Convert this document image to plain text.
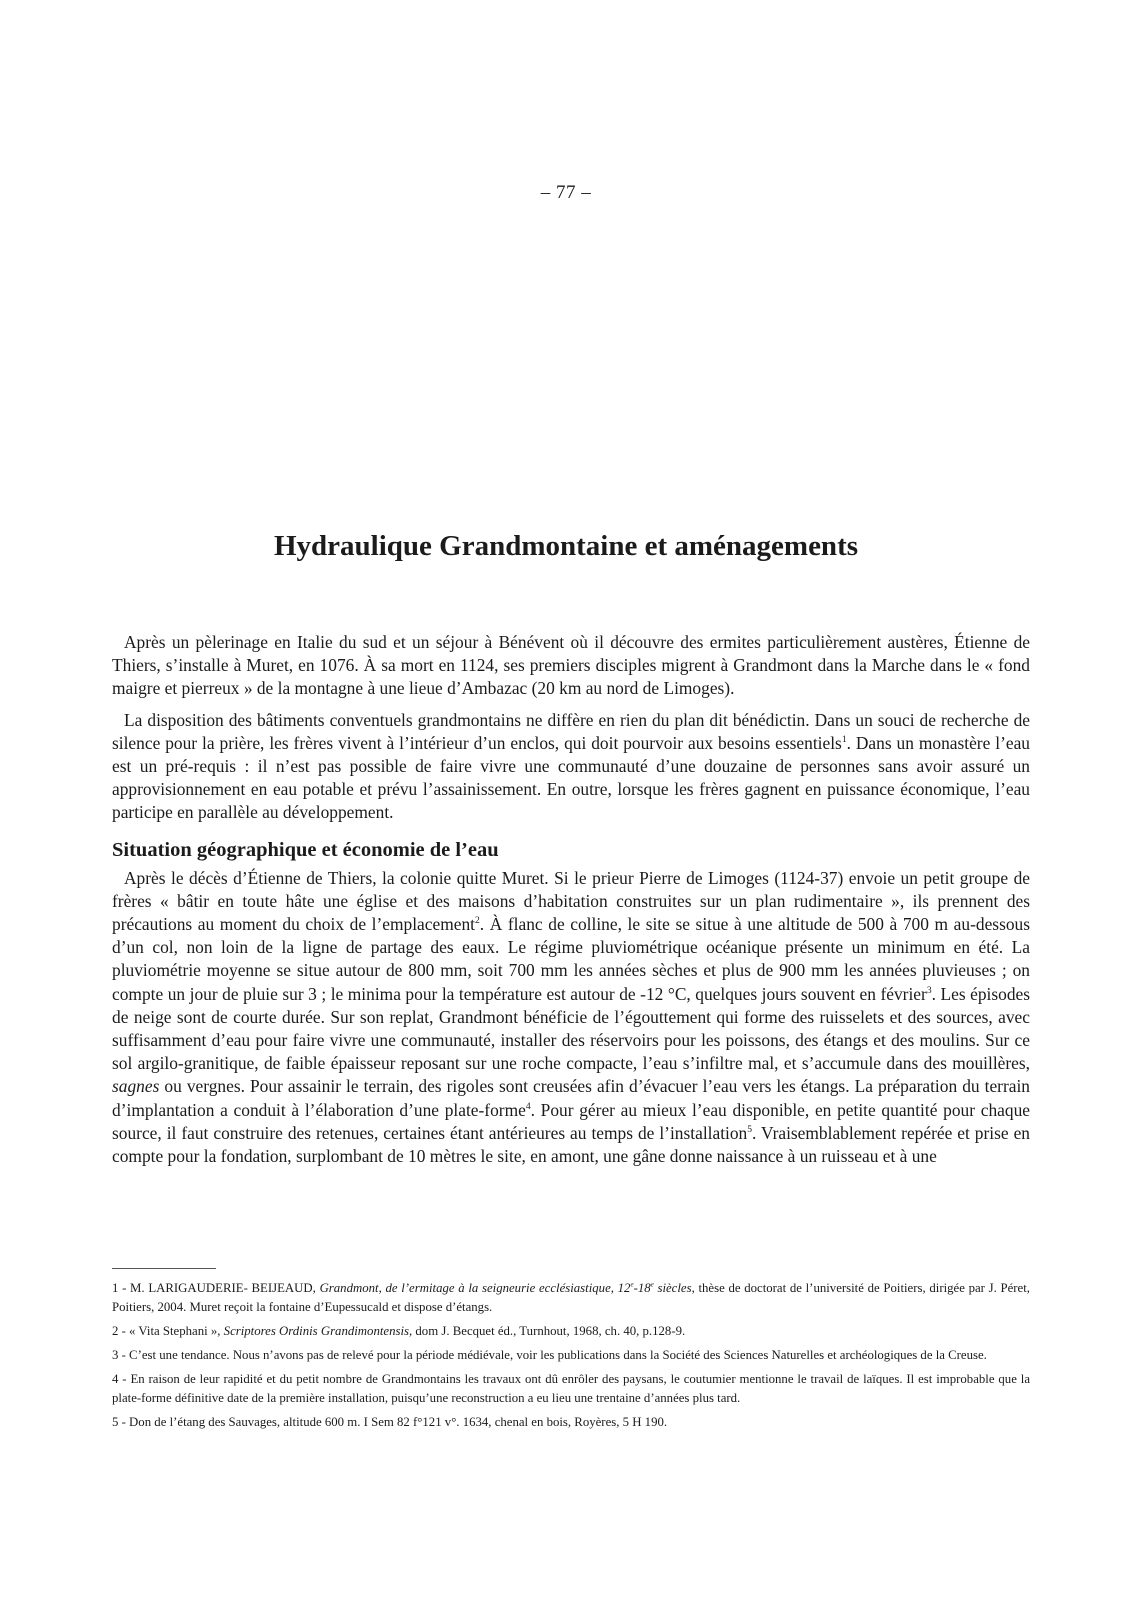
– 77 –
Hydraulique Grandmontaine et aménagements

Après un pèlerinage en Italie du sud et un séjour à Bénévent où il découvre des ermites particulièrement austères, Étienne de Thiers, s’installe à Muret, en 1076. À sa mort en 1124, ses premiers disciples migrent à Grandmont dans la Marche dans le « fond maigre et pierreux » de la montagne à une lieue d’Ambazac (20 km au nord de Limoges).

La disposition des bâtiments conventuels grandmontains ne diffère en rien du plan dit bénédictin. Dans un souci de recherche de silence pour la prière, les frères vivent à l’intérieur d’un enclos, qui doit pourvoir aux besoins essentiels$^1$. Dans un monastère l’eau est un pré-requis : il n’est pas possible de faire vivre une communauté d’une douzaine de personnes sans avoir assuré un approvisionnement en eau potable et prévu l’assainissement. En outre, lorsque les frères gagnent en puissance économique, l’eau participe en parallèle au développement.

Situation géographique et économie de l’eau

Après le décès d’Étienne de Thiers, la colonie quitte Muret. Si le prieur Pierre de Limoges (1124-37) envoie un petit groupe de frères « bâtir en toute hâte une église et des maisons d’habitation construites sur un plan rudimentaire », ils prennent des précautions au moment du choix de l’emplacement$^2$. À flanc de colline, le site se situe à une altitude de 500 à 700 m au-dessous d’un col, non loin de la ligne de partage des eaux. Le régime pluviométrique océanique présente un minimum en été. La pluviométrie moyenne se situe autour de 800 mm, soit 700 mm les années sèches et plus de 900 mm les années pluvieuses ; on compte un jour de pluie sur 3 ; le minima pour la température est autour de -12 °C, quelques jours souvent en février$^3$. Les épisodes de neige sont de courte durée. Sur son replat, Grandmont bénéficie de l’égouttement qui forme des ruisselets et des sources, avec suffisamment d’eau pour faire vivre une communauté, installer des réservoirs pour les poissons, des étangs et des moulins. Sur ce sol argilo-granitique, de faible épaisseur reposant sur une roche compacte, l’eau s’infiltre mal, et s’accumule dans des mouillères, sagnes ou vergnes. Pour assainir le terrain, des rigoles sont creusées afin d’évacuer l’eau vers les étangs. La préparation du terrain d’implantation a conduit à l’élaboration d’une plate-forme$^4$. Pour gérer au mieux l’eau disponible, en petite quantité pour chaque source, il faut construire des retenues, certaines étant antérieures au temps de l’installation$^5$. Vraisemblablement repérée et prise en compte pour la fondation, surplombant de 10 mètres le site, en amont, une gâne donne naissance à un ruisseau et à une

1 - M. LARIGAUDERIE- BEIJEAUD, Grandmont, de l’ermitage à la seigneurie ecclésiastique, 12e-18e siècles, thèse de doctorat de l’université de Poitiers, dirigée par J. Péret, Poitiers, 2004. Muret reçoit la fontaine d’Eupessucald et dispose d’étangs.

2 - « Vita Stephani », Scriptores Ordinis Grandimontensis, dom J. Becquet éd., Turnhout, 1968, ch. 40, p.128-9.

3 - C’est une tendance. Nous n’avons pas de relevé pour la période médiévale, voir les publications dans la Société des Sciences Naturelles et archéologiques de la Creuse.

4 - En raison de leur rapidité et du petit nombre de Grandmontains les travaux ont dû enrôler des paysans, le coutumier mentionne le travail de laïques. Il est improbable que la plate-forme définitive date de la première installation, puisqu’une reconstruction a eu lieu une trentaine d’années plus tard.

5 - Don de l’étang des Sauvages, altitude 600 m. I Sem 82 f°121 v°. 1634, chenal en bois, Royères, 5 H 190.
